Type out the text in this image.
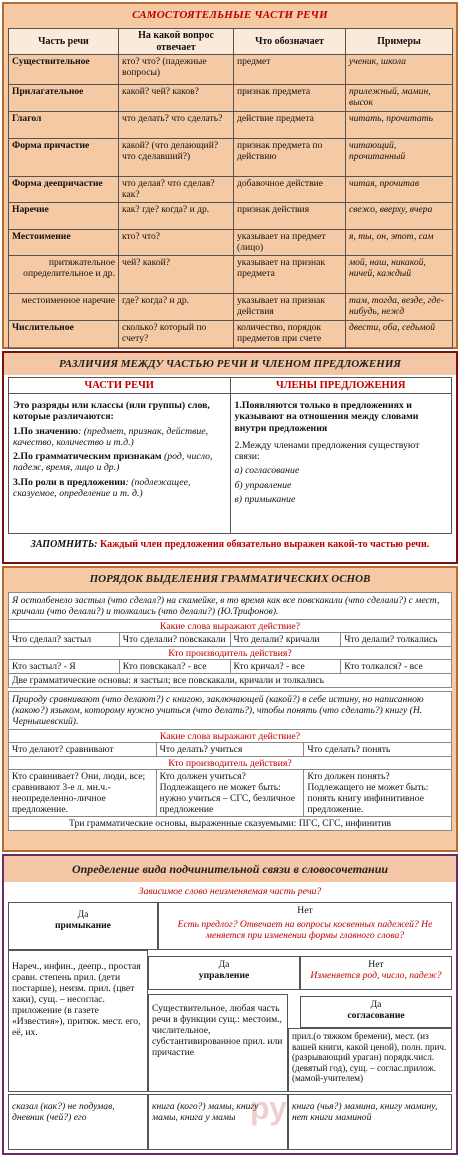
САМОСТОЯТЕЛЬНЫЕ ЧАСТИ РЕЧИ
Часть речи	На какой вопрос отвечает	Что обозначает	Примеры
Существительное	кто? что? (падежные вопросы)	предмет	ученик, школа
Прилагательное	какой? чей? каков?	признак предмета	прилежный, мамин, высок
Глагол	что делать? что сделать?	действие предмета	читать, прочитать
Форма причастие	какой? (что делающий? что сделавший?)	признак предмета по действию	читающий, прочитанный
Форма деепричастие	что делая? что сделав? как?	добавочное действие	читая, прочитав
Наречие	как? где? когда? и др.	признак действия	свежо, вверху, вчера
Местоимение	кто? что?	указывает на предмет (лицо)	я, ты, он, этот, сам
притяжательное определительное и др.	чей? какой?	указывает на признак предмета	мой, наш, никакой, ничей, каждый
местоименное наречие	где? когда? и др.	указывает на признак действия	там, тогда, везде, где-нибудь, нежд
Числительное	сколько? который по счету?	количество, порядок предметов при счете	двести, оба, седьмой
РАЗЛИЧИЯ МЕЖДУ ЧАСТЬЮ РЕЧИ И ЧЛЕНОМ ПРЕДЛОЖЕНИЯ
ЧАСТИ РЕЧИ

Это разряды или классы (или группы) слов, которые различаются:

1.По значению: (предмет, признак, действие, качество, количество и т.д.)

2.По грамматическим признакам (род, число, падеж, время, лицо и др.)

3.По роли в предложении: (подлежащее, сказуемое, определение и т. д.)

ЧЛЕНЫ ПРЕДЛОЖЕНИЯ

1.Появляются только в предложениях и указывают на отношения между словами внутри предложения

2.Между членами предложения существуют связи:

а) согласование

б) управление

в) примыкание

ЗАПОМНИТЬ: Каждый член предложения обязательно выражен какой-то частью речи.
ПОРЯДОК ВЫДЕЛЕНИЯ ГРАММАТИЧЕСКИХ ОСНОВ
Я остолбенело застыл (что сделал?) на скамейке, в то время как все повскакали (что сделали?) с мест, кричали (что делали?) и толкались (что делали?) (Ю.Трифонов).
Какие слова выражают действие?
Что сделал? застыл	Что сделали? повскакали Что делали? кричали	Что делали? толкались
Кто производитель действия?
Кто застыл? - Я	Кто повскакал? - все	Кто кричал? - все	Кто толкался? - все
Две грамматические основы: я застыл; все повскакали, кричали и толкались
Природу сравнивают (что делают?) с книгою, заключающей (какой?) в себе истину, но написанною (какою?) языком, которому нужно учиться (что делать?), чтобы понять (что сделать?) книгу (Н. Чернышевский).
Какие слова выражают действие?
Что делают? сравнивают	Что делать? учиться	Что сделать? понять
Кто производитель действия?
Кто сравнивает? Они, люди, все; сравнивают 3-е л. мн.ч.- неопределенно-личное предложение.
Кто должен учиться? Подлежащего не может быть: нужно учиться – СГС, безличное предложение
Кто должен понять? Подлежащего не может быть: понять книгу инфинитивное предложение.
Три грамматические основы, выраженные сказуемыми: ПГС, СГС, инфинитив
Определение вида подчинительной связи в словосочетании
Зависимое слово неизменяемая часть речи?
Да
примыкание
Нет
Есть предлог? Отвечает на вопросы косвенных падежей? Не меняется при изменении формы главного слова?
Нареч., инфин., деепр., простая сравн. степень прил. (дети постарше), неизм. прил. (цвет хаки), сущ. – несоглас. приложение (в газете «Известия»), притяж. мест. его, её, их.
Да
управление
Нет
Изменяется род, число, падеж?
Существительное, любая часть речи в функции сущ.: местоим., числительное, субстантивированное прил. или причастие
Да
согласование
прил.(о тяжком бремени), мест. (из вашей книги, какой ценой), полн. прич. (разрывающий ураган) порядк.числ. (девятый год), сущ. – соглас.прилож.(мамой-учителем)
сказал (как?) не подумав, дневник (чей?) его
книга (кого?) мамы, книгу мамы, книга у мамы
книга (чья?) мамина, книгу мамину, нет книги маминой
ру
